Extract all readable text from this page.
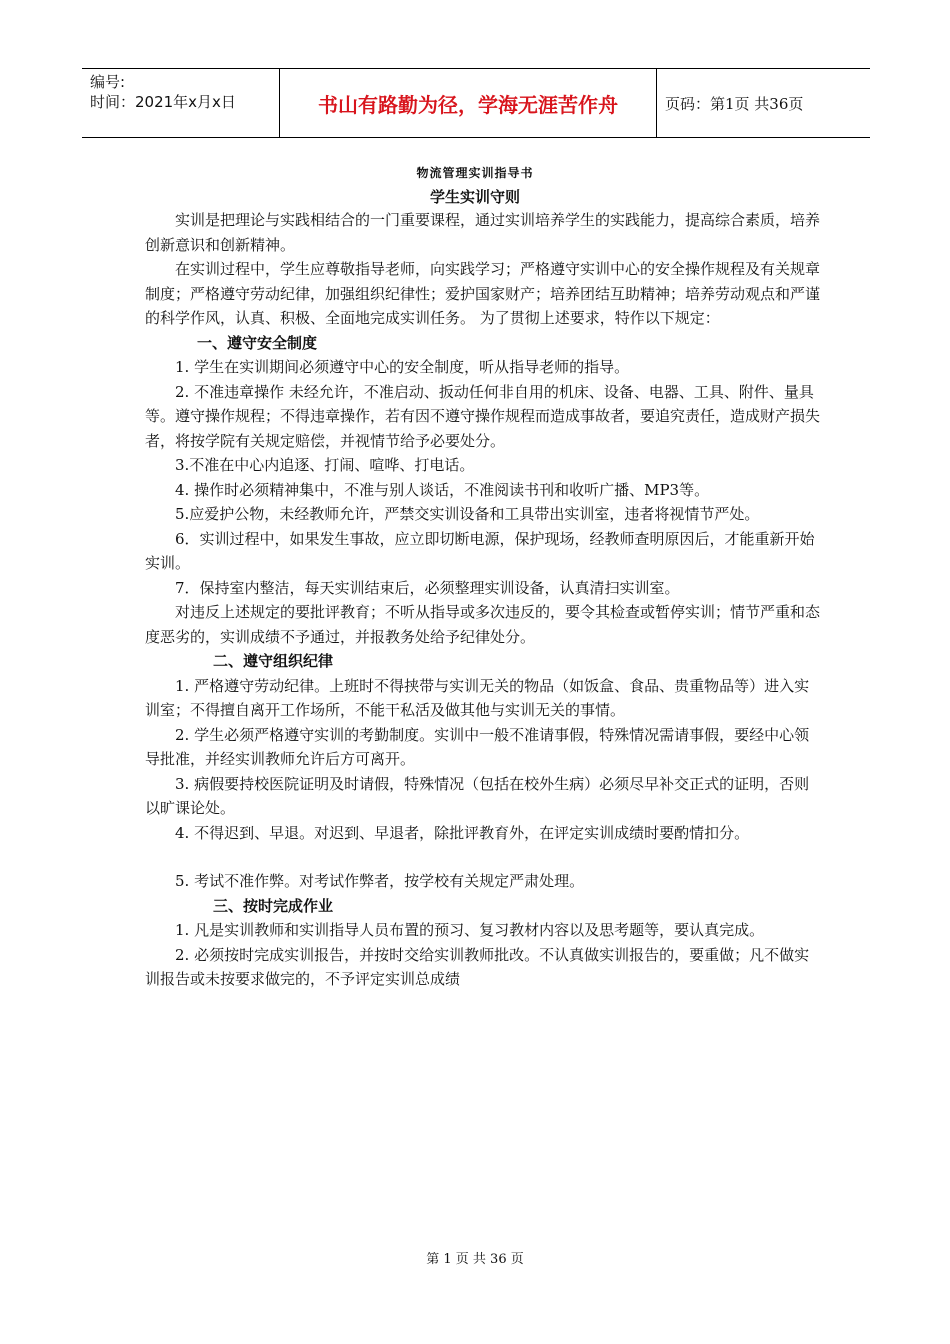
编号:
时间：2021年x月x日	书山有路勤为径，学海无涯苦作舟	页码：第1页 共36页
物流管理实训指导书
学生实训守则

实训是把理论与实践相结合的一门重要课程，通过实训培养学生的实践能力，提高综合素质，培养创新意识和创新精神。

在实训过程中，学生应尊敬指导老师，向实践学习；严格遵守实训中心的安全操作规程及有关规章制度；严格遵守劳动纪律，加强组织纪律性；爱护国家财产；培养团结互助精神；培养劳动观点和严谨的科学作风，认真、积极、全面地完成实训任务。 为了贯彻上述要求，特作以下规定：

一、遵守安全制度

1. 学生在实训期间必须遵守中心的安全制度，听从指导老师的指导。

2. 不准违章操作 未经允许，不准启动、扳动任何非自用的机床、设备、电器、工具、附件、量具等。遵守操作规程；不得违章操作，若有因不遵守操作规程而造成事故者，要追究责任，造成财产损失者，将按学院有关规定赔偿，并视情节给予必要处分。

3.不准在中心内追逐、打闹、喧哗、打电话。

4. 操作时必须精神集中，不准与别人谈话，不准阅读书刊和收听广播、MP3等。

5.应爱护公物，未经教师允许，严禁交实训设备和工具带出实训室，违者将视情节严处。

6．实训过程中，如果发生事故，应立即切断电源，保护现场，经教师查明原因后，才能重新开始实训。

7．保持室内整洁，每天实训结束后，必须整理实训设备，认真清扫实训室。

对违反上述规定的要批评教育；不听从指导或多次违反的，要令其检查或暂停实训；情节严重和态度恶劣的，实训成绩不予通过，并报教务处给予纪律处分。

二、遵守组织纪律

1. 严格遵守劳动纪律。上班时不得挟带与实训无关的物品（如饭盒、食品、贵重物品等）进入实训室；不得擅自离开工作场所，不能干私活及做其他与实训无关的事情。

2. 学生必须严格遵守实训的考勤制度。实训中一般不准请事假，特殊情况需请事假，要经中心领导批准，并经实训教师允许后方可离开。

3. 病假要持校医院证明及时请假，特殊情况（包括在校外生病）必须尽早补交正式的证明，否则以旷课论处。

4. 不得迟到、早退。对迟到、早退者，除批评教育外，在评定实训成绩时要酌情扣分。

5. 考试不准作弊。对考试作弊者，按学校有关规定严肃处理。

三、按时完成作业

1. 凡是实训教师和实训指导人员布置的预习、复习教材内容以及思考题等，要认真完成。

2. 必须按时完成实训报告，并按时交给实训教师批改。不认真做实训报告的，要重做；凡不做实训报告或未按要求做完的，不予评定实训总成绩

第 1 页 共 36 页
